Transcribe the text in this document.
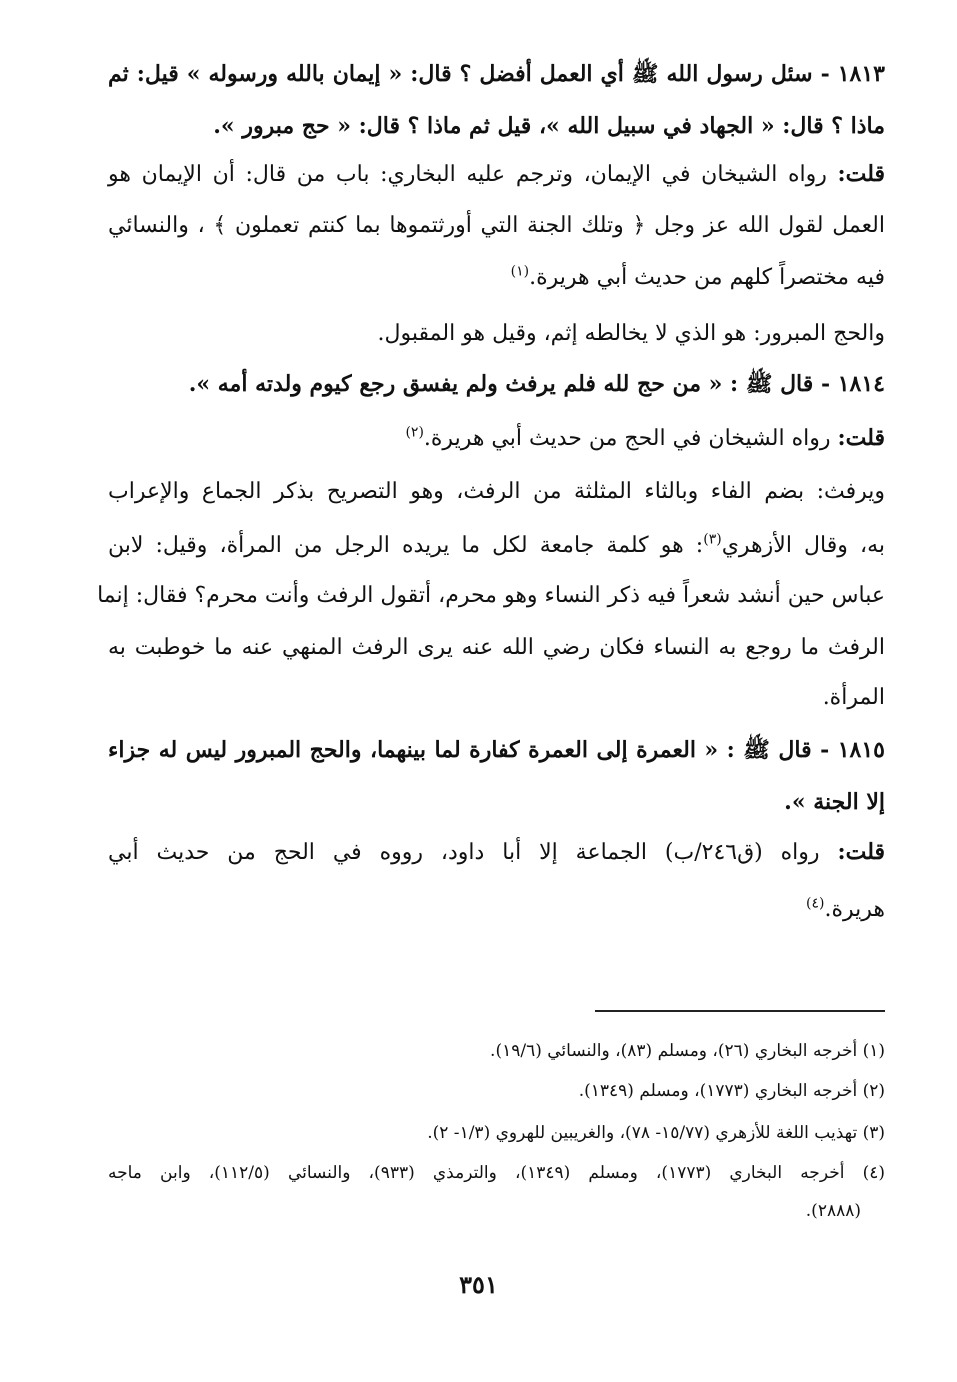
١٨١٣ - سئل رسول الله ﷺ أي العمل أفضل ؟ قال: « إيمان بالله ورسوله » قيل: ثم
ماذا ؟ قال: « الجهاد في سبيل الله »، قيل ثم ماذا ؟ قال: « حج مبرور ».
قلت: رواه الشيخان في الإيمان، وترجم عليه البخاري: باب من قال: أن الإيمان هو
العمل لقول الله عز وجل ﴿ وتلك الجنة التي أورثتموها بما كنتم تعملون ﴾ ، والنسائي
فيه مختصراً كلهم من حديث أبي هريرة.$^{(١)}$
والحج المبرور: هو الذي لا يخالطه إثم، وقيل هو المقبول.
١٨١٤ - قال ﷺ : « من حج لله فلم يرفث ولم يفسق رجع كيوم ولدته أمه ».
قلت: رواه الشيخان في الحج من حديث أبي هريرة.$^{(٢)}$
ويرفث: بضم الفاء وبالثاء المثلثة من الرفث، وهو التصريح بذكر الجماع والإعراب
به، وقال الأزهري$^{(٣)}$: هو كلمة جامعة لكل ما يريده الرجل من المرأة، وقيل: لابن
عباس حين أنشد شعراً فيه ذكر النساء وهو محرم، أتقول الرفث وأنت محرم؟ فقال: إنما
الرفث ما روجع به النساء فكان رضي الله عنه يرى الرفث المنهي عنه ما خوطبت به
المرأة.
١٨١٥ - قال ﷺ : « العمرة إلى العمرة كفارة لما بينهما، والحج المبرور ليس له جزاء
إلا الجنة ».
قلت: رواه (ق٢٤٦/ب) الجماعة إلا أبا داود، رووه في الحج من حديث أبي
هريرة.$^{(٤)}$
(١) أخرجه البخاري (٢٦)، ومسلم (٨٣)، والنسائي (١٩/٦).
(٢) أخرجه البخاري (١٧٧٣)، ومسلم (١٣٤٩).
(٣) تهذيب اللغة للأزهري (١٥/٧٧- ٧٨)، والغريبين للهروي (١/٣- ٢).
(٤) أخرجه البخاري (١٧٧٣)، ومسلم (١٣٤٩)، والترمذي (٩٣٣)، والنسائي (١١٢/٥)، وابن ماجه
(٢٨٨٨).
٣٥١
